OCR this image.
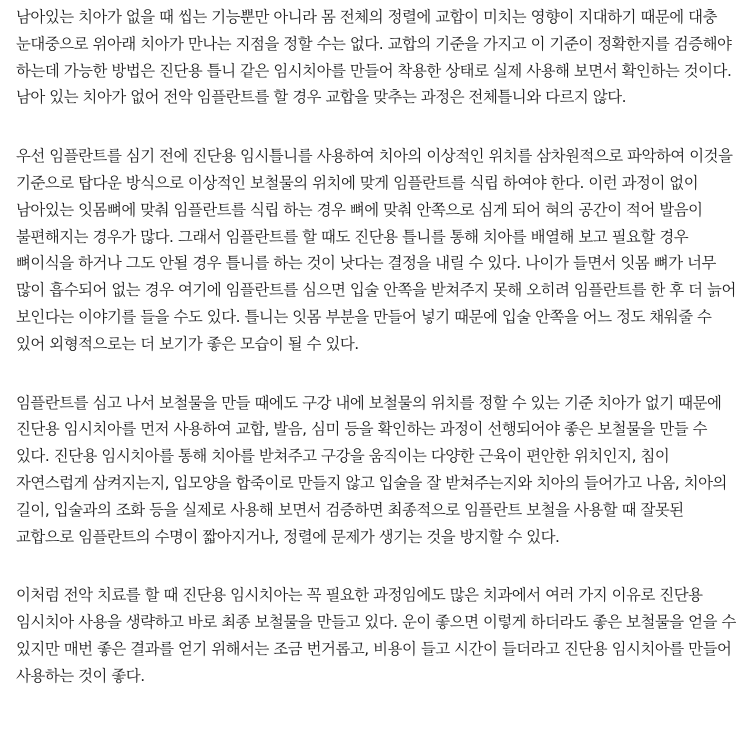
남아있는 치아가 없을 때 씹는 기능뿐만 아니라 몸 전체의 정렬에 교합이 미치는 영향이 지대하기 때문에 대충
눈대중으로 위아래 치아가 만나는 지점을 정할 수는 없다. 교합의 기준을 가지고 이 기준이 정확한지를 검증해야
하는데 가능한 방법은 진단용 틀니 같은 임시치아를 만들어 착용한 상태로 실제 사용해 보면서 확인하는 것이다.
남아 있는 치아가 없어 전악 임플란트를 할 경우 교합을 맞추는 과정은 전체틀니와 다르지 않다.

우선 임플란트를 심기 전에 진단용 임시틀니를 사용하여 치아의 이상적인 위치를 삼차원적으로 파악하여 이것을
기준으로 탑다운 방식으로 이상적인 보철물의 위치에 맞게 임플란트를 식립 하여야 한다. 이런 과정이 없이
남아있는 잇몸뼈에 맞춰 임플란트를 식립 하는 경우 뼈에 맞춰 안쪽으로 심게 되어 혀의 공간이 적어 발음이
불편해지는 경우가 많다. 그래서 임플란트를 할 때도 진단용 틀니를 통해 치아를 배열해 보고 필요할 경우
뼈이식을 하거나 그도 안될 경우 틀니를 하는 것이 낫다는 결정을 내릴 수 있다. 나이가 들면서 잇몸 뼈가 너무
많이 흡수되어 없는 경우 여기에 임플란트를 심으면 입술 안쪽을 받쳐주지 못해 오히려 임플란트를 한 후 더 늙어
보인다는 이야기를 들을 수도 있다. 틀니는 잇몸 부분을 만들어 넣기 때문에 입술 안쪽을 어느 정도 채워줄 수
있어 외형적으로는 더 보기가 좋은 모습이 될 수 있다.

임플란트를 심고 나서 보철물을 만들 때에도 구강 내에 보철물의 위치를 정할 수 있는 기준 치아가 없기 때문에
진단용 임시치아를 먼저 사용하여 교합, 발음, 심미 등을 확인하는 과정이 선행되어야 좋은 보철물을 만들 수
있다. 진단용 임시치아를 통해 치아를 받쳐주고 구강을 움직이는 다양한 근육이 편안한 위치인지, 침이
자연스럽게 삼켜지는지, 입모양을 합죽이로 만들지 않고 입술을 잘 받쳐주는지와 치아의 들어가고 나옴, 치아의
길이, 입술과의 조화 등을 실제로 사용해 보면서 검증하면 최종적으로 임플란트 보철을 사용할 때 잘못된
교합으로 임플란트의 수명이 짧아지거나, 정렬에 문제가 생기는 것을 방지할 수 있다.

이처럼 전악 치료를 할 때 진단용 임시치아는 꼭 필요한 과정임에도 많은 치과에서 여러 가지 이유로 진단용
임시치아 사용을 생략하고 바로 최종 보철물을 만들고 있다. 운이 좋으면 이렇게 하더라도 좋은 보철물을 얻을 수
있지만 매번 좋은 결과를 얻기 위해서는 조금 번거롭고, 비용이 들고 시간이 들더라고 진단용 임시치아를 만들어
사용하는 것이 좋다.
